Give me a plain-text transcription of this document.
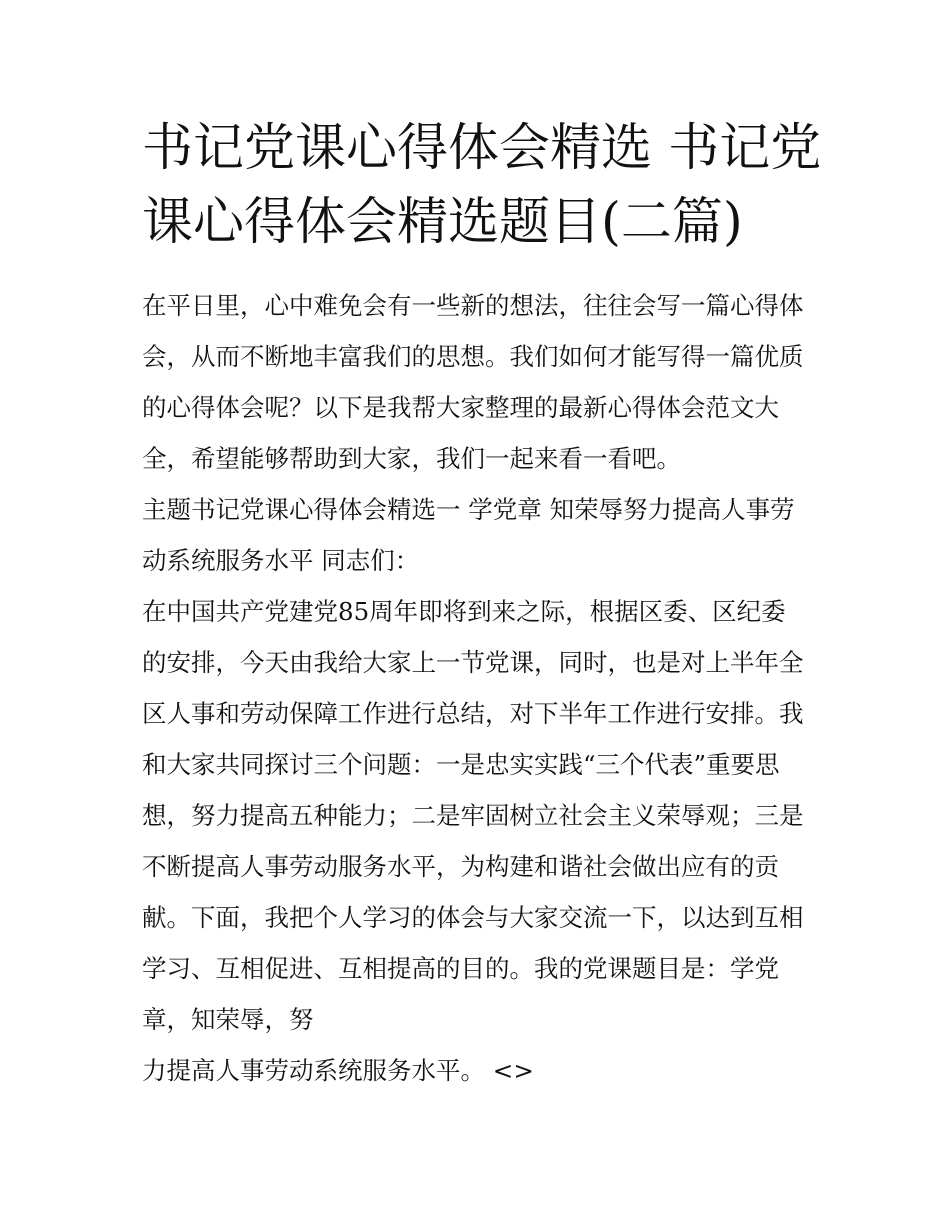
书记党课心得体会精选 书记党
课心得体会精选题目(二篇)
在平日里，心中难免会有一些新的想法，往往会写一篇心得体
会，从而不断地丰富我们的思想。我们如何才能写得一篇优质
的心得体会呢？以下是我帮大家整理的最新心得体会范文大
全，希望能够帮助到大家，我们一起来看一看吧。
主题书记党课心得体会精选一 学党章 知荣辱努力提高人事劳
动系统服务水平 同志们：
在中国共产党建党85周年即将到来之际，根据区委、区纪委
的安排，今天由我给大家上一节党课，同时，也是对上半年全
区人事和劳动保障工作进行总结，对下半年工作进行安排。我
和大家共同探讨三个问题：一是忠实实践“三个代表”重要思
想，努力提高五种能力；二是牢固树立社会主义荣辱观；三是
不断提高人事劳动服务水平，为构建和谐社会做出应有的贡
献。下面，我把个人学习的体会与大家交流一下，以达到互相
学习、互相促进、互相提高的目的。我的党课题目是：学党
章，知荣辱，努
力提高人事劳动系统服务水平。 <>
